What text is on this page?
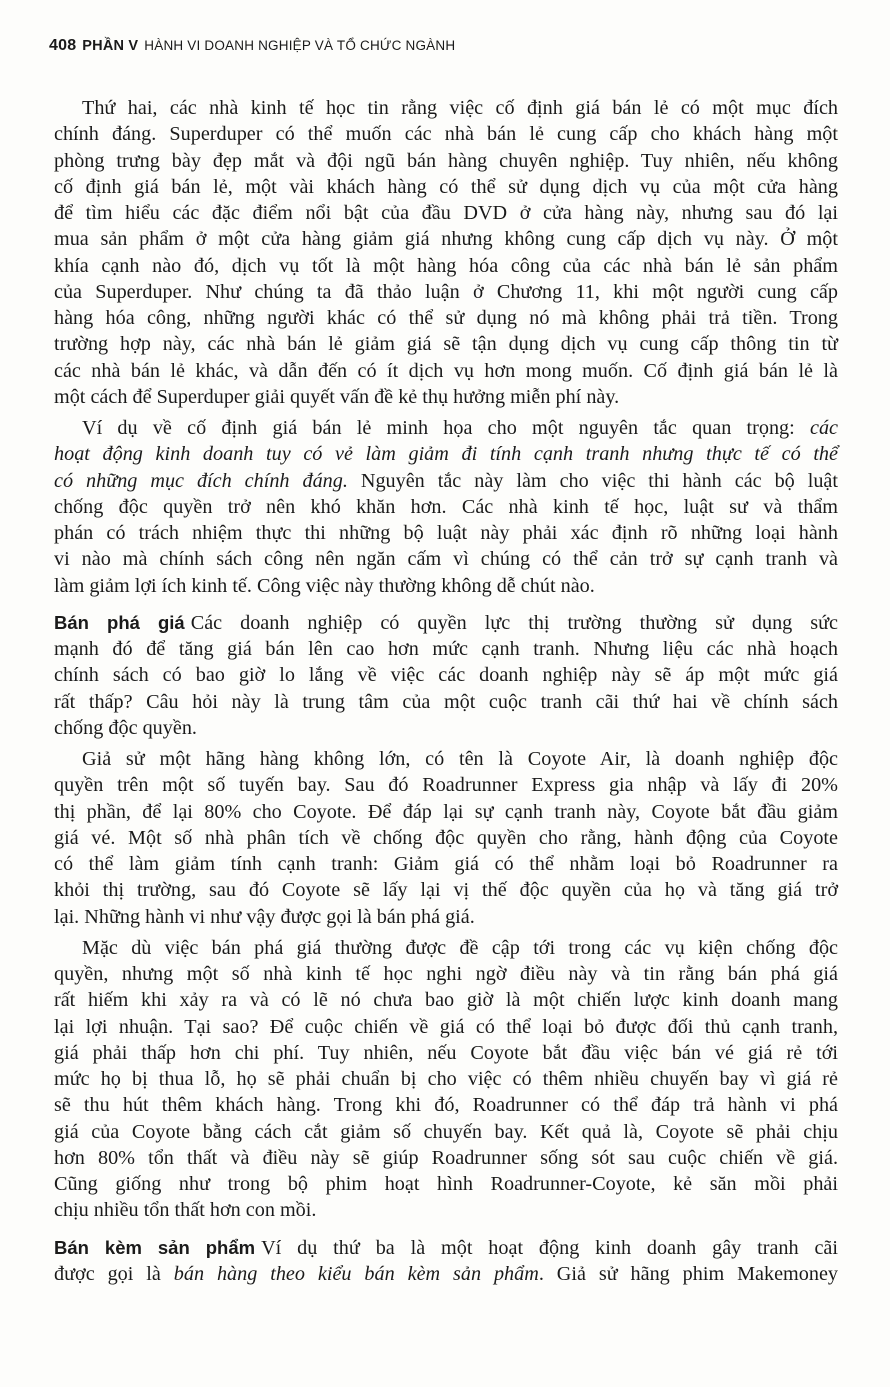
408 PHẦN V HÀNH VI DOANH NGHIỆP VÀ TỔ CHỨC NGÀNH

Thứ hai, các nhà kinh tế học tin rằng việc cố định giá bán lẻ có một mục đích
chính đáng. Superduper có thể muốn các nhà bán lẻ cung cấp cho khách hàng một
phòng trưng bày đẹp mắt và đội ngũ bán hàng chuyên nghiệp. Tuy nhiên, nếu không
cố định giá bán lẻ, một vài khách hàng có thể sử dụng dịch vụ của một cửa hàng
để tìm hiểu các đặc điểm nổi bật của đầu DVD ở cửa hàng này, nhưng sau đó lại
mua sản phẩm ở một cửa hàng giảm giá nhưng không cung cấp dịch vụ này. Ở một
khía cạnh nào đó, dịch vụ tốt là một hàng hóa công của các nhà bán lẻ sản phẩm
của Superduper. Như chúng ta đã thảo luận ở Chương 11, khi một người cung cấp
hàng hóa công, những người khác có thể sử dụng nó mà không phải trả tiền. Trong
trường hợp này, các nhà bán lẻ giảm giá sẽ tận dụng dịch vụ cung cấp thông tin từ
các nhà bán lẻ khác, và dẫn đến có ít dịch vụ hơn mong muốn. Cố định giá bán lẻ là
một cách để Superduper giải quyết vấn đề kẻ thụ hưởng miễn phí này.

Ví dụ về cố định giá bán lẻ minh họa cho một nguyên tắc quan trọng: các
hoạt động kinh doanh tuy có vẻ làm giảm đi tính cạnh tranh nhưng thực tế có thể
có những mục đích chính đáng. Nguyên tắc này làm cho việc thi hành các bộ luật
chống độc quyền trở nên khó khăn hơn. Các nhà kinh tế học, luật sư và thẩm
phán có trách nhiệm thực thi những bộ luật này phải xác định rõ những loại hành
vi nào mà chính sách công nên ngăn cấm vì chúng có thể cản trở sự cạnh tranh và
làm giảm lợi ích kinh tế. Công việc này thường không dễ chút nào.

Bán phá giá Các doanh nghiệp có quyền lực thị trường thường sử dụng sức
mạnh đó để tăng giá bán lên cao hơn mức cạnh tranh. Nhưng liệu các nhà hoạch
chính sách có bao giờ lo lắng về việc các doanh nghiệp này sẽ áp một mức giá
rất thấp? Câu hỏi này là trung tâm của một cuộc tranh cãi thứ hai về chính sách
chống độc quyền.

Giả sử một hãng hàng không lớn, có tên là Coyote Air, là doanh nghiệp độc
quyền trên một số tuyến bay. Sau đó Roadrunner Express gia nhập và lấy đi 20%
thị phần, để lại 80% cho Coyote. Để đáp lại sự cạnh tranh này, Coyote bắt đầu giảm
giá vé. Một số nhà phân tích về chống độc quyền cho rằng, hành động của Coyote
có thể làm giảm tính cạnh tranh: Giảm giá có thể nhằm loại bỏ Roadrunner ra
khỏi thị trường, sau đó Coyote sẽ lấy lại vị thế độc quyền của họ và tăng giá trở
lại. Những hành vi như vậy được gọi là bán phá giá.

Mặc dù việc bán phá giá thường được đề cập tới trong các vụ kiện chống độc
quyền, nhưng một số nhà kinh tế học nghi ngờ điều này và tin rằng bán phá giá
rất hiếm khi xảy ra và có lẽ nó chưa bao giờ là một chiến lược kinh doanh mang
lại lợi nhuận. Tại sao? Để cuộc chiến về giá có thể loại bỏ được đối thủ cạnh tranh,
giá phải thấp hơn chi phí. Tuy nhiên, nếu Coyote bắt đầu việc bán vé giá rẻ tới
mức họ bị thua lỗ, họ sẽ phải chuẩn bị cho việc có thêm nhiều chuyến bay vì giá rẻ
sẽ thu hút thêm khách hàng. Trong khi đó, Roadrunner có thể đáp trả hành vi phá
giá của Coyote bằng cách cắt giảm số chuyến bay. Kết quả là, Coyote sẽ phải chịu
hơn 80% tổn thất và điều này sẽ giúp Roadrunner sống sót sau cuộc chiến về giá.
Cũng giống như trong bộ phim hoạt hình Roadrunner-Coyote, kẻ săn mồi phải
chịu nhiều tổn thất hơn con mồi.

Bán kèm sản phẩm Ví dụ thứ ba là một hoạt động kinh doanh gây tranh cãi
được gọi là bán hàng theo kiểu bán kèm sản phẩm. Giả sử hãng phim Makemoney
